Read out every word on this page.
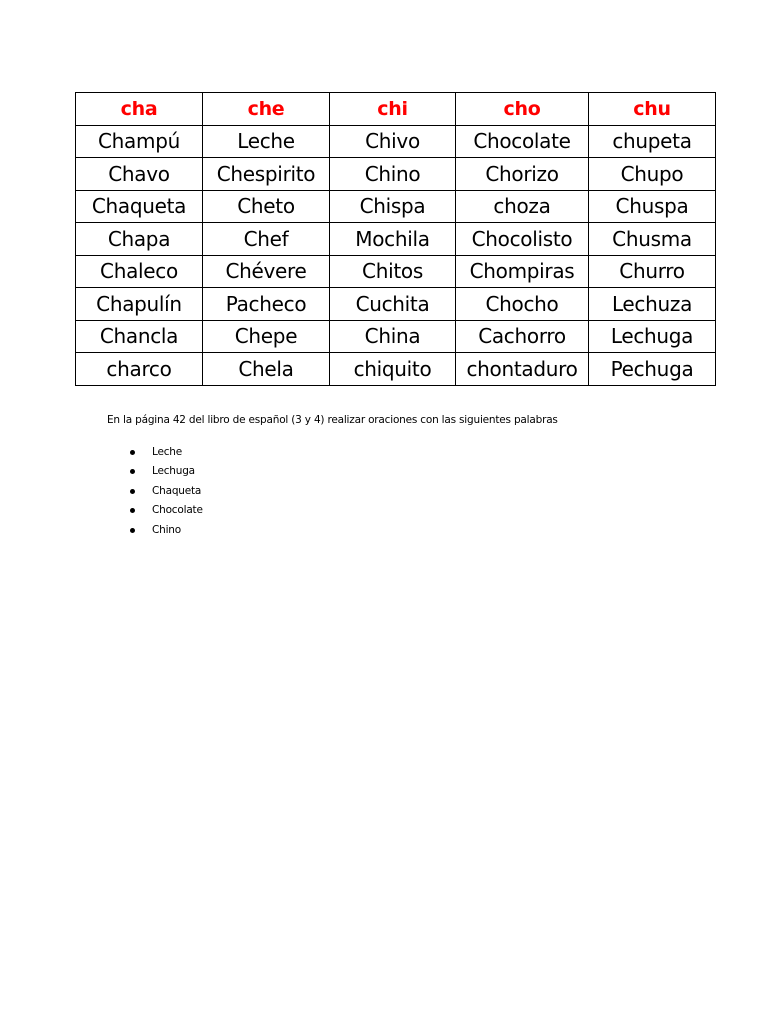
cha	che	chi	cho	chu
Champú	Leche	Chivo	Chocolate	chupeta
Chavo	Chespirito	Chino	Chorizo	Chupo
Chaqueta	Cheto	Chispa	choza	Chuspa
Chapa	Chef	Mochila	Chocolisto	Chusma
Chaleco	Chévere	Chitos	Chompiras	Churro
Chapulín	Pacheco	Cuchita	Chocho	Lechuza
Chancla	Chepe	China	Cachorro	Lechuga
charco	Chela	chiquito	chontaduro	Pechuga
En la página 42 del libro de español (3 y 4) realizar oraciones con las siguientes palabras
Leche
Lechuga
Chaqueta
Chocolate
Chino
